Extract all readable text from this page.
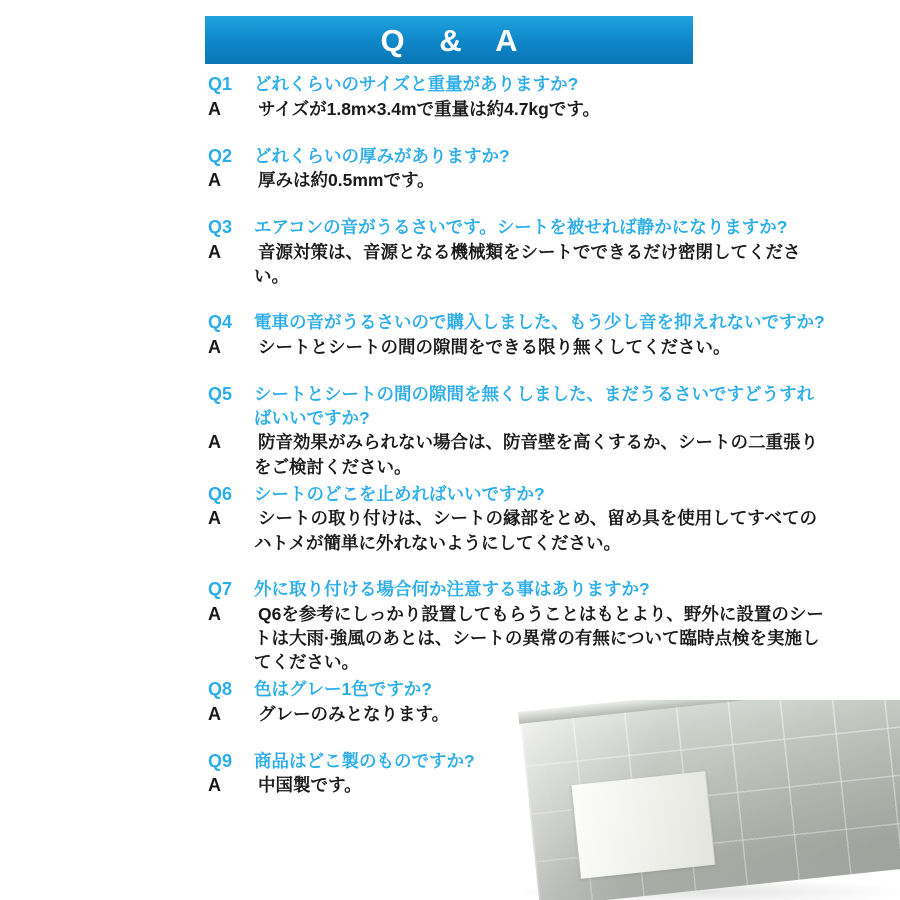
Q & A
Q1	どれくらいのサイズと重量がありますか?
A	サイズが1.8m×3.4mで重量は約4.7kgです。
Q2	どれくらいの厚みがありますか?
A	厚みは約0.5mmです。
Q3	エアコンの音がうるさいです。シートを被せれば静かになりますか?
A	音源対策は、音源となる機械類をシートでできるだけ密閉してください。
Q4	電車の音がうるさいので購入しました、もう少し音を抑えれないですか?
A	シートとシートの間の隙間をできる限り無くしてください。
Q5	シートとシートの間の隙間を無くしました、まだうるさいですどうすればいいですか?
A	防音効果がみられない場合は、防音壁を高くするか、シートの二重張りをご検討ください。
Q6	シートのどこを止めればいいですか?
A	シートの取り付けは、シートの縁部をとめ、留め具を使用してすべてのハトメが簡単に外れないようにしてください。
Q7	外に取り付ける場合何か注意する事はありますか?
A	Q6を参考にしっかり設置してもらうことはもとより、野外に設置のシートは大雨·強風のあとは、シートの異常の有無について臨時点検を実施してください。
Q8	色はグレー1色ですか?
A	グレーのみとなります。
Q9	商品はどこ製のものですか?
A	中国製です。
